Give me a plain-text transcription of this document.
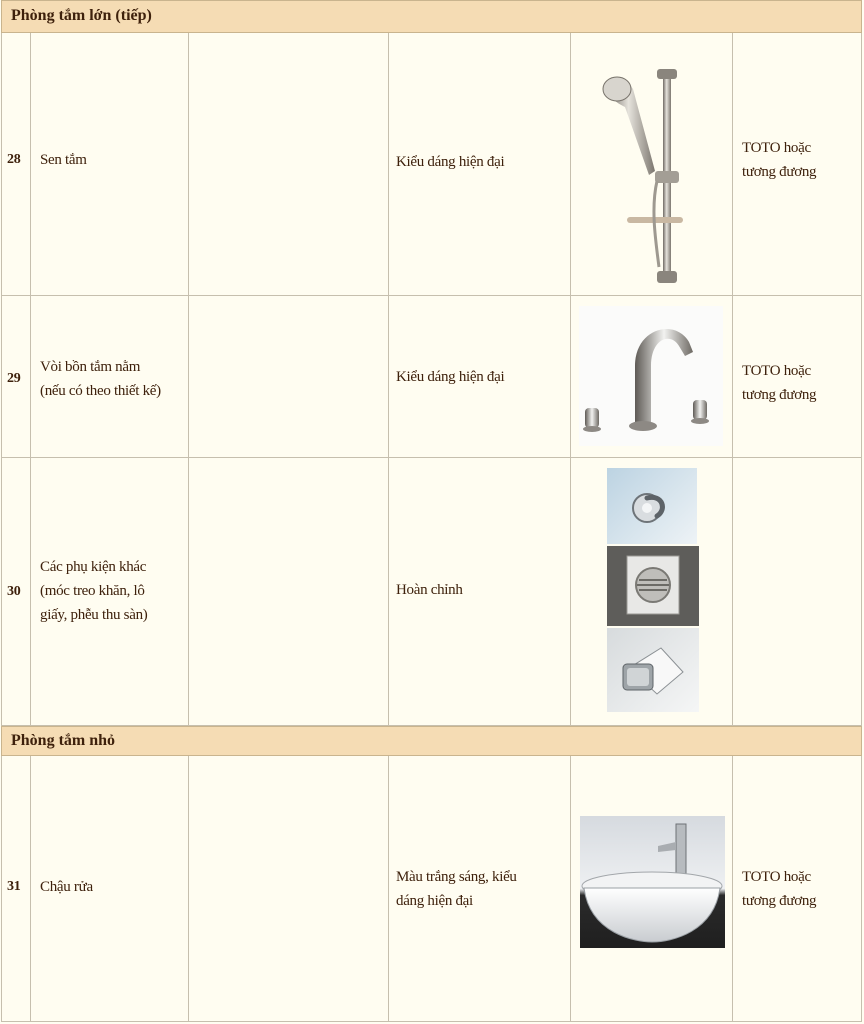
Phòng tắm lớn (tiếp)
28 Sen tắm	Kiểu dáng hiện đại
TOTO hoặc
tương đương
29
Vòi bồn tắm nằm
(nếu có theo thiết kế)
Kiểu dáng hiện đại	TOTO hoặc
tương đương
30
Các phụ kiện khác
(móc treo khăn, lô
giấy, phễu thu sàn)
Hoàn chỉnh
Phòng tắm nhỏ
31 Chậu rửa
Màu trắng sáng, kiểu
dáng hiện đại
TOTO hoặc
tương đương
